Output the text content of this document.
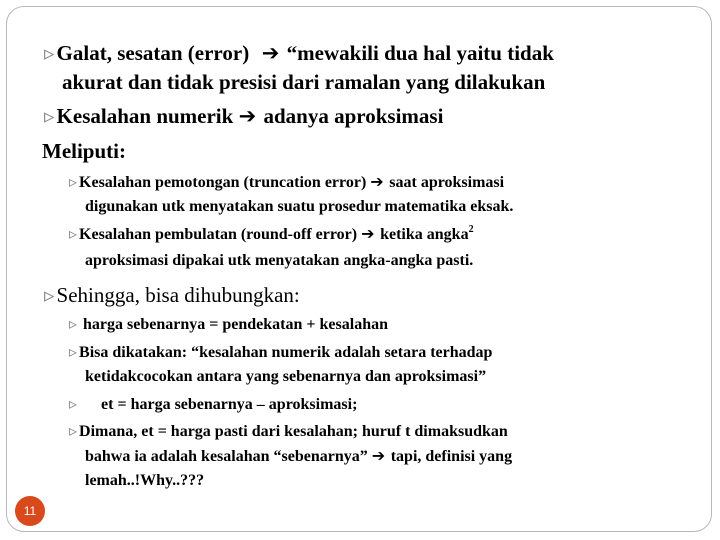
▹Galat, sesatan (error)  ➔ “mewakili dua hal yaitu tidak
akurat dan tidak presisi dari ramalan yang dilakukan
▹Kesalahan numerik ➔ adanya aproksimasi
Meliputi:
▹ Kesalahan pemotongan (truncation error) ➔ saat aproksimasi
digunakan utk menyatakan suatu prosedur matematika eksak.
▹ Kesalahan pembulatan (round-off error) ➔ ketika angka$^2$
aproksimasi dipakai utk menyatakan angka-angka pasti.
▹Sehingga, bisa dihubungkan:
▹ harga sebenarnya = pendekatan + kesalahan
▹ Bisa dikatakan: “kesalahan numerik adalah setara terhadap
ketidakcocokan antara yang sebenarnya dan aproksimasi”
▹ et = harga sebenarnya – aproksimasi;
▹ Dimana, et = harga pasti dari kesalahan; huruf t dimaksudkan
bahwa ia adalah kesalahan “sebenarnya” ➔ tapi, definisi yang
lemah..!Why..???
11
